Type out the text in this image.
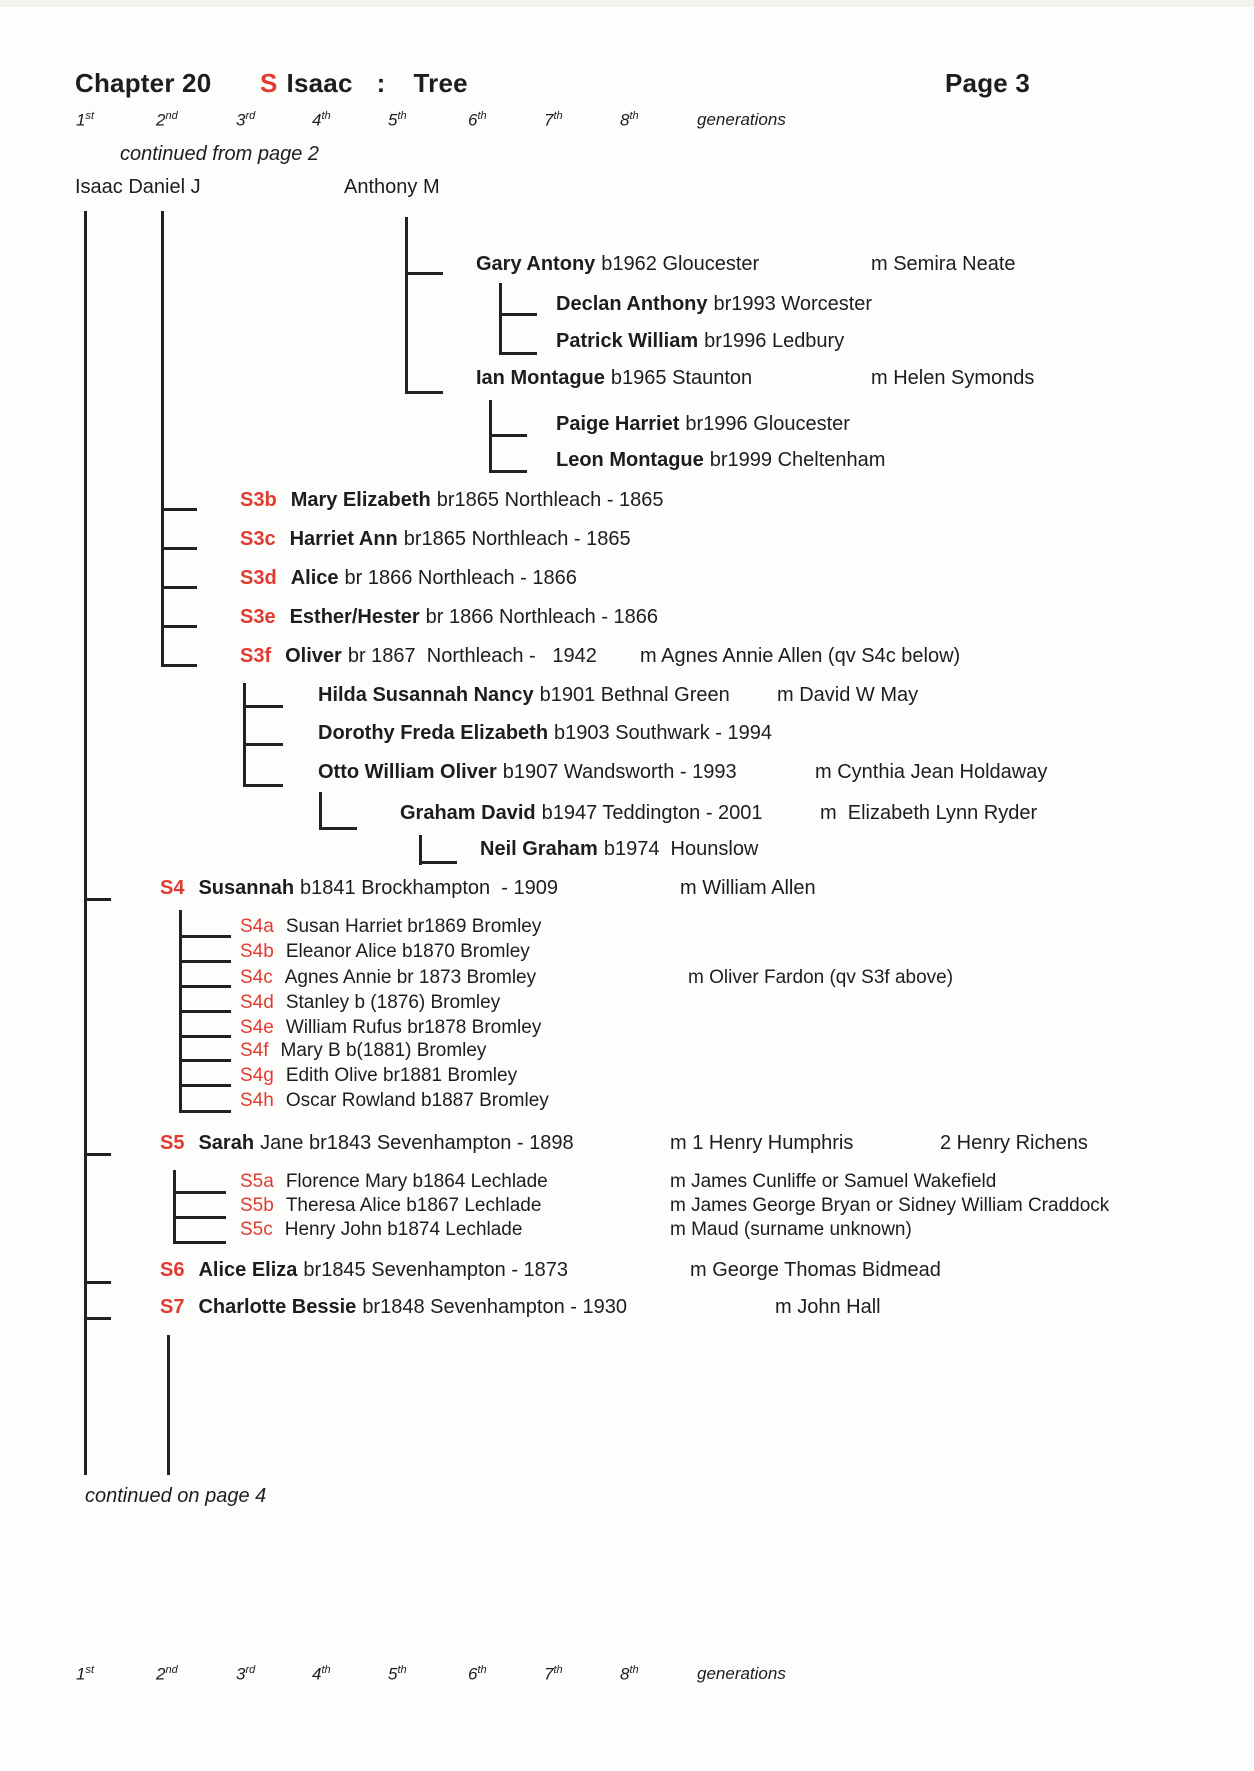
Chapter 20 S Isaac : Tree	Page 3
1st	2nd	3rd	4th	5th	6th	7th	8th	generations
continued from page 2
Isaac Daniel J	Anthony M
Gary Antony b1962 Gloucester	m Semira Neate
Declan Anthony br1993 Worcester
Patrick William br1996 Ledbury
Ian Montague b1965 Staunton	m Helen Symonds
Paige Harriet br1996 Gloucester
Leon Montague br1999 Cheltenham
S3b Mary Elizabeth br1865 Northleach - 1865
S3c Harriet Ann br1865 Northleach - 1865
S3d Alice br 1866 Northleach - 1866
S3e Esther/Hester br 1866 Northleach - 1866
S3f Oliver br 1867  Northleach -   1942 m Agnes Annie Allen (qv S4c below)
Hilda Susannah Nancy b1901 Bethnal Green m David W May
Dorothy Freda Elizabeth b1903 Southwark - 1994
Otto William Oliver b1907 Wandsworth - 1993	m Cynthia Jean Holdaway
Graham David b1947 Teddington - 2001	m  Elizabeth Lynn Ryder
Neil Graham b1974  Hounslow
S4 Susannah b1841 Brockhampton  - 1909	m William Allen
S4a Susan Harriet br1869 Bromley
S4b Eleanor Alice b1870 Bromley
S4c Agnes Annie br 1873 Bromley	m Oliver Fardon (qv S3f above)
S4d Stanley b (1876) Bromley
S4e William Rufus br1878 Bromley
S4f Mary B b(1881) Bromley
S4g Edith Olive br1881 Bromley
S4h Oscar Rowland b1887 Bromley
S5 Sarah Jane br1843 Sevenhampton - 1898	m 1 Henry Humphris	2 Henry Richens
S5a Florence Mary b1864 Lechlade	m James Cunliffe or Samuel Wakefield
S5b Theresa Alice b1867 Lechlade	m James George Bryan or Sidney William Craddock
S5c Henry John b1874 Lechlade	m Maud (surname unknown)
S6 Alice Eliza br1845 Sevenhampton - 1873	m George Thomas Bidmead
S7 Charlotte Bessie br1848 Sevenhampton - 1930	m John Hall
continued on page 4
1st	2nd	3rd	4th	5th	6th	7th	8th	generations
